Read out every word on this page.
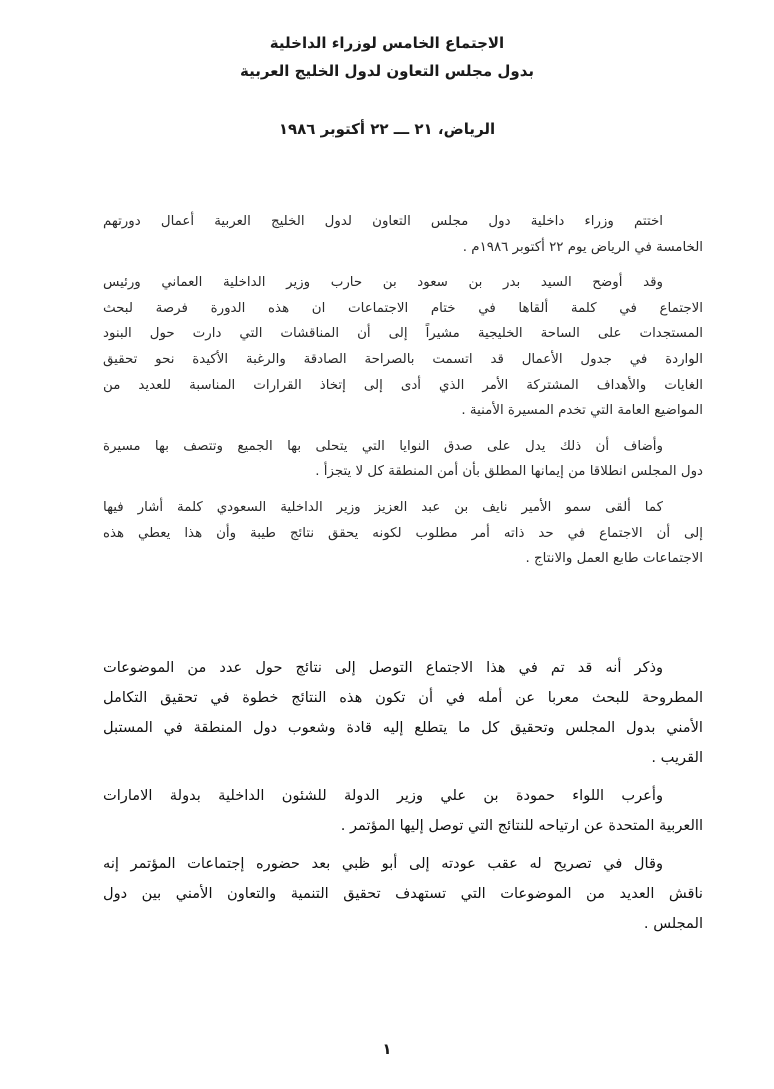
الاجتماع الخامس لوزراء الداخلية
بدول مجلس التعاون لدول الخليج العربية
الرياض، ٢١ ـــ ٢٢ أكتوبر ١٩٨٦
اختتم وزراء داخلية دول مجلس التعاون لدول الخليج العربية أعمال دورتهم
الخامسة في الرياض يوم ٢٢ أكتوبر ١٩٨٦م .
وقد أوضح السيد بدر بن سعود بن حارب وزير الداخلية العماني ورئيس
الاجتماع في كلمة ألقاها في ختام الاجتماعات ان هذه الدورة فرصة لبحث
المستجدات على الساحة الخليجية مشيراً إلى أن المناقشات التي دارت حول البنود
الواردة في جدول الأعمال قد اتسمت بالصراحة الصادقة والرغبة الأكيدة نحو تحقيق
الغايات والأهداف المشتركة الأمر الذي أدى إلى إتخاذ القرارات المناسبة للعديد من
المواضيع العامة التي تخدم المسيرة الأمنية .
وأضاف أن ذلك يدل على صدق النوايا التي يتحلى بها الجميع وتتصف بها مسيرة
دول المجلس انطلاقا من إيمانها المطلق بأن أمن المنطقة كل لا يتجزأ .
كما ألقى سمو الأمير نايف بن عبد العزيز وزير الداخلية السعودي كلمة أشار فيها
إلى أن الاجتماع في حد ذاته أمر مطلوب لكونه يحقق نتائج طيبة وأن هذا يعطي هذه
الاجتماعات طابع العمل والانتاج .
وذكر أنه قد تم في هذا الاجتماع التوصل إلى نتائج حول عدد من الموضوعات
المطروحة للبحث معربا عن أمله في أن تكون هذه النتائج خطوة في تحقيق التكامل
الأمني بدول المجلس وتحقيق كل ما يتطلع إليه قادة وشعوب دول المنطقة في المستبل
القريب .
وأعرب اللواء حمودة بن علي وزير الدولة للشئون الداخلية بدولة الامارات
االعربية المتحدة عن ارتياحه للنتائج التي توصل إليها المؤتمر .
وقال في تصريح له عقب عودته إلى أبو ظبي بعد حضوره إجتماعات المؤتمر إنه
ناقش العديد من الموضوعات التي تستهدف تحقيق التنمية والتعاون الأمني بين دول
المجلس .
١
